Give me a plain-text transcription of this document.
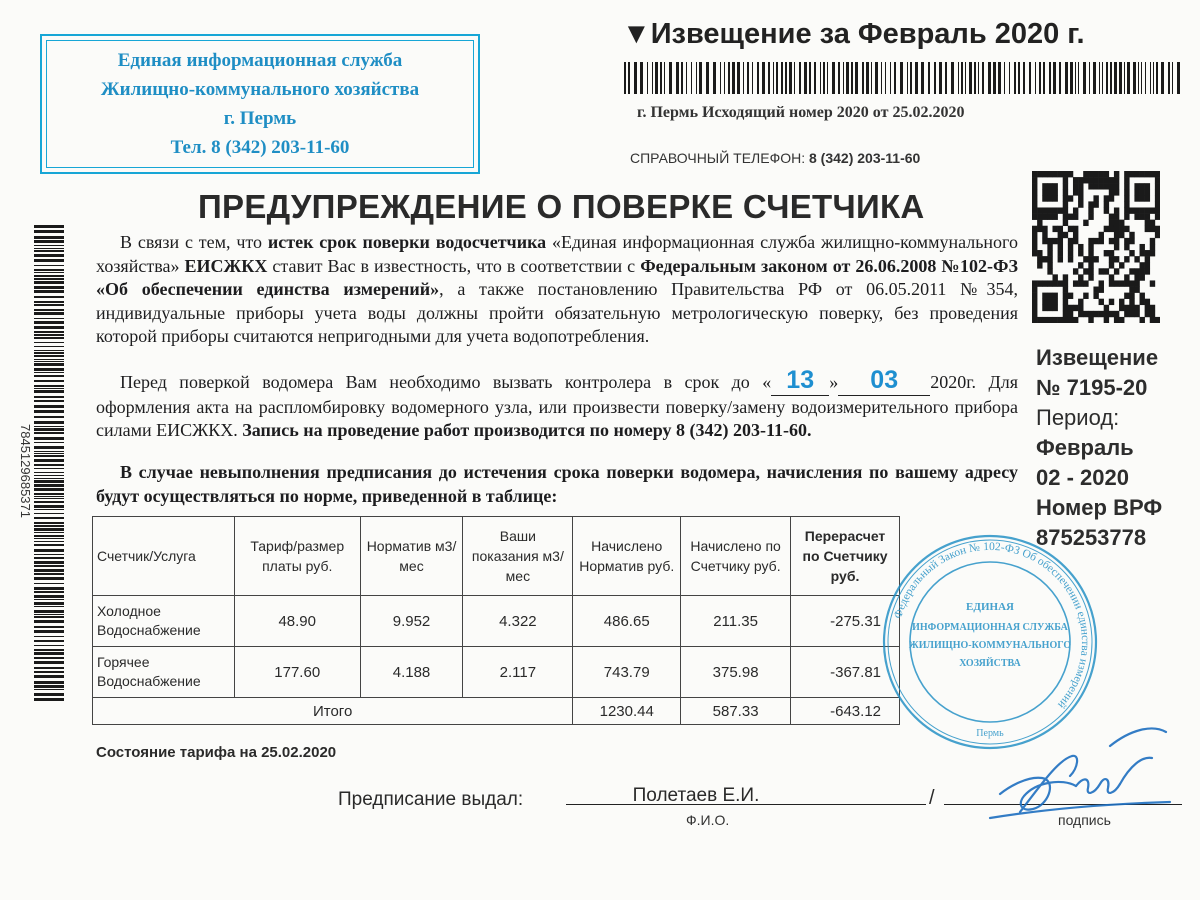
Единая информационная служба
Жилищно-коммунального хозяйства
г. Пермь
Тел. 8 (342) 203-11-60
▼Извещение за Февраль 2020 г.
г. Пермь Исходящий номер 2020 от 25.02.2020
СПРАВОЧНЫЙ ТЕЛЕФОН: 8 (342) 203-11-60
7845129685371
ПРЕДУПРЕЖДЕНИЕ О ПОВЕРКЕ СЧЕТЧИКА

В связи с тем, что истек срок поверки водосчетчика «Единая информационная служба жилищно-коммунального хозяйства» ЕИСЖКХ ставит Вас в известность, что в соответствии с Федеральным законом от 26.06.2008 №102-ФЗ «Об обеспечении единства измерений», а также постановлению Правительства РФ от 06.05.2011 №354, индивидуальные приборы учета воды должны пройти обязательную метрологическую поверку, без проведения которой приборы считаются непригодными для учета водопотребления.

Перед поверкой водомера Вам необходимо вызвать контролера в срок до « 13 » 03 2020г. Для оформления акта на распломбировку водомерного узла, или произвести поверку/замену водоизмерительного прибора силами ЕИСЖКХ. Запись на проведение работ производится по номеру 8 (342) 203-11-60.

В случае невыполнения предписания до истечения срока поверки водомера, начисления по вашему адресу будут осуществляться по норме, приведенной в таблице:

Извещение
№ 7195-20
Период:
Февраль
02 - 2020
Номер ВРФ
875253778
Счетчик/Услуга	Тариф/размер платы руб.	Норматив м3/мес	Ваши показания м3/мес	Начислено Норматив руб.	Начислено по Счетчику руб.	Перерасчет по Счетчику руб.
Холодное Водоснабжение	48.90	9.952	4.322	486.65	211.35	-275.31
Горячее Водоснабжение	177.60	4.188	2.117	743.79	375.98	-367.81
Итого				1230.44	587.33	-643.12
Состояние тарифа на 25.02.2020
Федеральный Закон № 102-ФЗ Об обеспечении единства измерений
ЕДИНАЯ
ИНФОРМАЦИОННАЯ СЛУЖБА
ЖИЛИЩНО-КОММУНАЛЬНОГО
ХОЗЯЙСТВА
Пермь
Предписание выдал:	Полетаев Е.И.	/
Ф.И.О.	подпись
